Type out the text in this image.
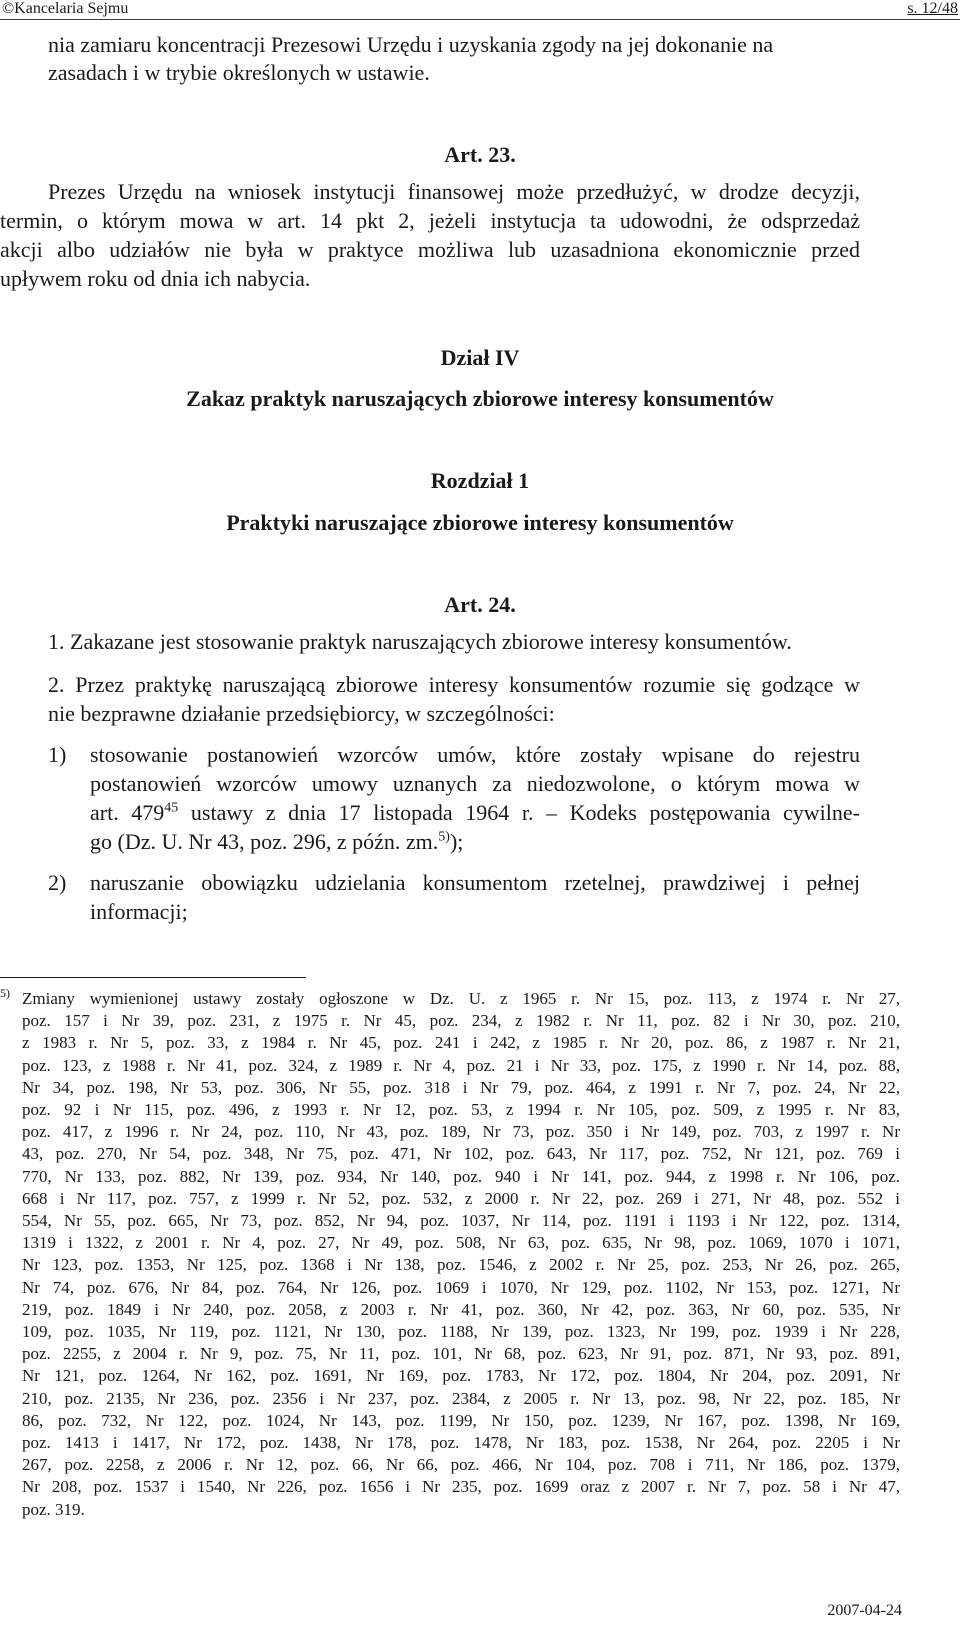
©Kancelaria Sejmu	s. 12/48
nia zamiaru koncentracji Prezesowi Urzędu i uzyskania zgody na jej dokonanie na
zasadach i w trybie określonych w ustawie.
Art. 23.
Prezes Urzędu na wniosek instytucji finansowej może przedłużyć, w drodze decyzji,
termin, o którym mowa w art. 14 pkt 2, jeżeli instytucja ta udowodni, że odsprzedaż
akcji albo udziałów nie była w praktyce możliwa lub uzasadniona ekonomicznie przed
upływem roku od dnia ich nabycia.
Dział IV
Zakaz praktyk naruszających zbiorowe interesy konsumentów
Rozdział 1
Praktyki naruszające zbiorowe interesy konsumentów
Art. 24.
1. Zakazane jest stosowanie praktyk naruszających zbiorowe interesy konsumentów.
2. Przez praktykę naruszającą zbiorowe interesy konsumentów rozumie się godzące w
nie bezprawne działanie przedsiębiorcy, w szczególności:
1) stosowanie postanowień wzorców umów, które zostały wpisane do rejestru
postanowień wzorców umowy uznanych za niedozwolone, o którym mowa w
art. $479^{45}$ ustawy z dnia 17 listopada 1964 r. – Kodeks postępowania cywilne-
go (Dz. U. Nr 43, poz. 296, z późn. zm.$^{5)}$);
2) naruszanie obowiązku udzielania konsumentom rzetelnej, prawdziwej i pełnej
informacji;
5) Zmiany wymienionej ustawy zostały ogłoszone w Dz. U. z 1965 r. Nr 15, poz. 113, z 1974 r. Nr 27,
poz. 157 i Nr 39, poz. 231, z 1975 r. Nr 45, poz. 234, z 1982 r. Nr 11, poz. 82 i Nr 30, poz. 210,
z 1983 r. Nr 5, poz. 33, z 1984 r. Nr 45, poz. 241 i 242, z 1985 r. Nr 20, poz. 86, z 1987 r. Nr 21,
poz. 123, z 1988 r. Nr 41, poz. 324, z 1989 r. Nr 4, poz. 21 i Nr 33, poz. 175, z 1990 r. Nr 14, poz. 88,
Nr 34, poz. 198, Nr 53, poz. 306, Nr 55, poz. 318 i Nr 79, poz. 464, z 1991 r. Nr 7, poz. 24, Nr 22,
poz. 92 i Nr 115, poz. 496, z 1993 r. Nr 12, poz. 53, z 1994 r. Nr 105, poz. 509, z 1995 r. Nr 83,
poz. 417, z 1996 r. Nr 24, poz. 110, Nr 43, poz. 189, Nr 73, poz. 350 i Nr 149, poz. 703, z 1997 r. Nr
43, poz. 270, Nr 54, poz. 348, Nr 75, poz. 471, Nr 102, poz. 643, Nr 117, poz. 752, Nr 121, poz. 769 i
770, Nr 133, poz. 882, Nr 139, poz. 934, Nr 140, poz. 940 i Nr 141, poz. 944, z 1998 r. Nr 106, poz.
668 i Nr 117, poz. 757, z 1999 r. Nr 52, poz. 532, z 2000 r. Nr 22, poz. 269 i 271, Nr 48, poz. 552 i
554, Nr 55, poz. 665, Nr 73, poz. 852, Nr 94, poz. 1037, Nr 114, poz. 1191 i 1193 i Nr 122, poz. 1314,
1319 i 1322, z 2001 r. Nr 4, poz. 27, Nr 49, poz. 508, Nr 63, poz. 635, Nr 98, poz. 1069, 1070 i 1071,
Nr 123, poz. 1353, Nr 125, poz. 1368 i Nr 138, poz. 1546, z 2002 r. Nr 25, poz. 253, Nr 26, poz. 265,
Nr 74, poz. 676, Nr 84, poz. 764, Nr 126, poz. 1069 i 1070, Nr 129, poz. 1102, Nr 153, poz. 1271, Nr
219, poz. 1849 i Nr 240, poz. 2058, z 2003 r. Nr 41, poz. 360, Nr 42, poz. 363, Nr 60, poz. 535, Nr
109, poz. 1035, Nr 119, poz. 1121, Nr 130, poz. 1188, Nr 139, poz. 1323, Nr 199, poz. 1939 i Nr 228,
poz. 2255, z 2004 r. Nr 9, poz. 75, Nr 11, poz. 101, Nr 68, poz. 623, Nr 91, poz. 871, Nr 93, poz. 891,
Nr 121, poz. 1264, Nr 162, poz. 1691, Nr 169, poz. 1783, Nr 172, poz. 1804, Nr 204, poz. 2091, Nr
210, poz. 2135, Nr 236, poz. 2356 i Nr 237, poz. 2384, z 2005 r. Nr 13, poz. 98, Nr 22, poz. 185, Nr
86, poz. 732, Nr 122, poz. 1024, Nr 143, poz. 1199, Nr 150, poz. 1239, Nr 167, poz. 1398, Nr 169,
poz. 1413 i 1417, Nr 172, poz. 1438, Nr 178, poz. 1478, Nr 183, poz. 1538, Nr 264, poz. 2205 i Nr
267, poz. 2258, z 2006 r. Nr 12, poz. 66, Nr 66, poz. 466, Nr 104, poz. 708 i 711, Nr 186, poz. 1379,
Nr 208, poz. 1537 i 1540, Nr 226, poz. 1656 i Nr 235, poz. 1699 oraz z 2007 r. Nr 7, poz. 58 i Nr 47,
poz. 319.
2007-04-24
